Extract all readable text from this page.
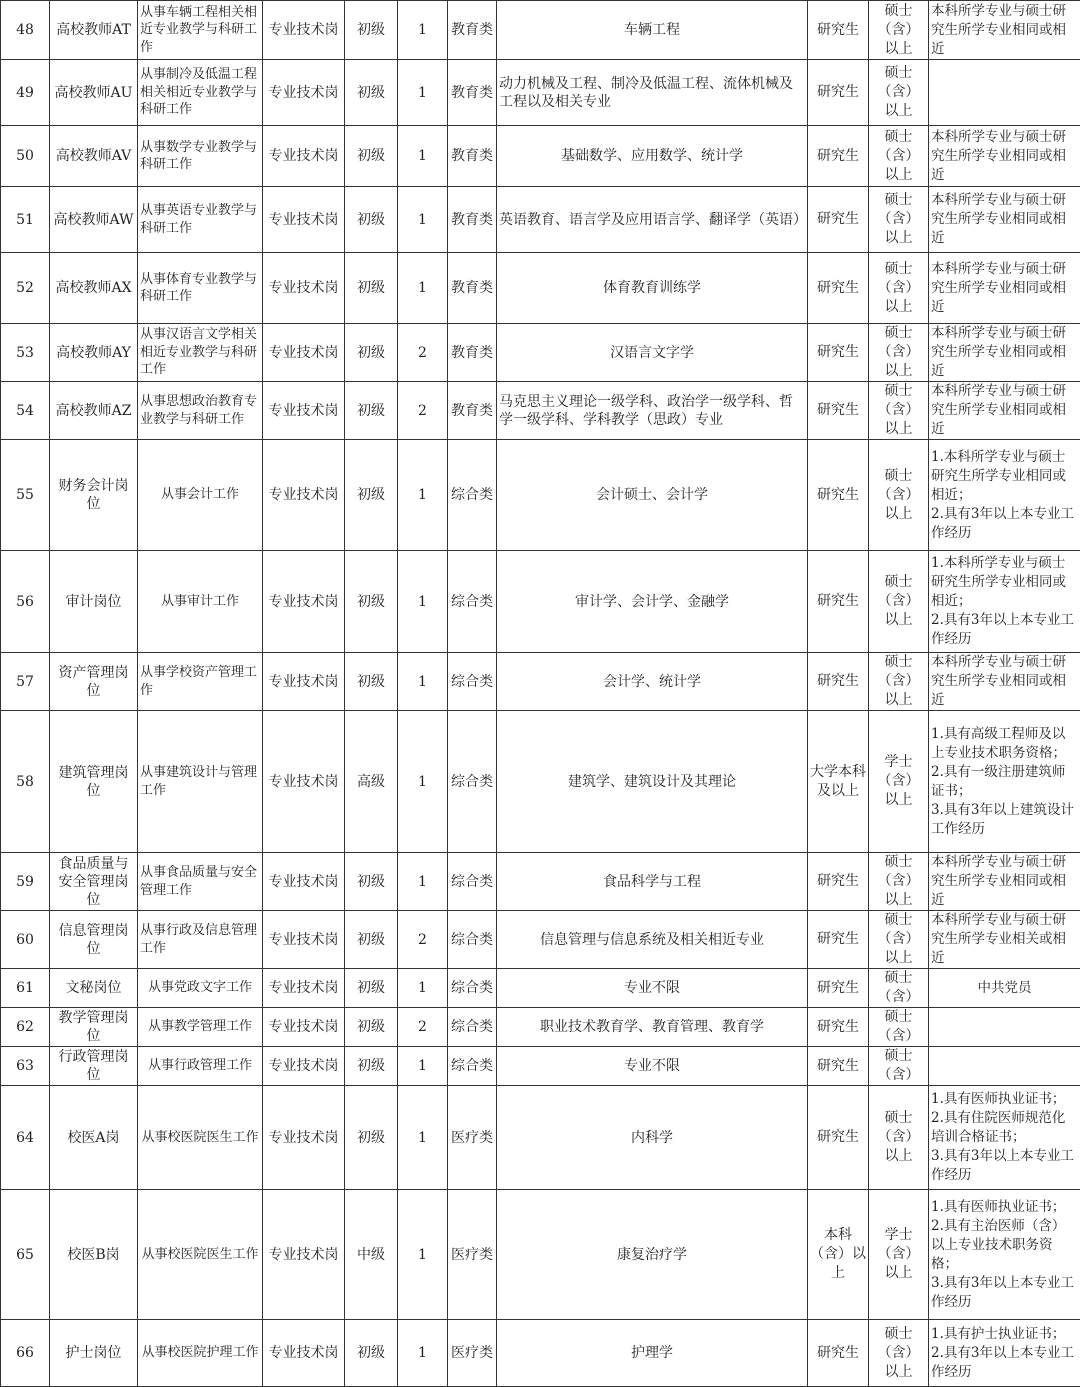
48	高校教师AT	从事车辆工程相关相近专业教学与科研工作	专业技术岗	初级	1	教育类	车辆工程	研究生	硕士（含）以上	本科所学专业与硕士研究生所学专业相同或相近
49	高校教师AU	从事制冷及低温工程相关相近专业教学与科研工作	专业技术岗	初级	1	教育类	动力机械及工程、制冷及低温工程、流体机械及工程以及相关专业	研究生	硕士（含）以上	
50	高校教师AV	从事数学专业教学与科研工作	专业技术岗	初级	1	教育类	基础数学、应用数学、统计学	研究生	硕士（含）以上	本科所学专业与硕士研究生所学专业相同或相近
51	高校教师AW	从事英语专业教学与科研工作	专业技术岗	初级	1	教育类	英语教育、语言学及应用语言学、翻译学（英语）	研究生	硕士（含）以上	本科所学专业与硕士研究生所学专业相同或相近
52	高校教师AX	从事体育专业教学与科研工作	专业技术岗	初级	1	教育类	体育教育训练学	研究生	硕士（含）以上	本科所学专业与硕士研究生所学专业相同或相近
53	高校教师AY	从事汉语言文学相关相近专业教学与科研工作	专业技术岗	初级	2	教育类	汉语言文字学	研究生	硕士（含）以上	本科所学专业与硕士研究生所学专业相同或相近
54	高校教师AZ	从事思想政治教育专业教学与科研工作	专业技术岗	初级	2	教育类	马克思主义理论一级学科、政治学一级学科、哲学一级学科、学科教学（思政）专业	研究生	硕士（含）以上	本科所学专业与硕士研究生所学专业相同或相近
55	财务会计岗位	从事会计工作	专业技术岗	初级	1	综合类	会计硕士、会计学	研究生	硕士（含）以上	1.本科所学专业与硕士研究生所学专业相同或相近；
2.具有3年以上本专业工作经历
56	审计岗位	从事审计工作	专业技术岗	初级	1	综合类	审计学、会计学、金融学	研究生	硕士（含）以上	1.本科所学专业与硕士研究生所学专业相同或相近；
2.具有3年以上本专业工作经历
57	资产管理岗位	从事学校资产管理工作	专业技术岗	初级	1	综合类	会计学、统计学	研究生	硕士（含）以上	本科所学专业与硕士研究生所学专业相同或相近
58	建筑管理岗位	从事建筑设计与管理工作	专业技术岗	高级	1	综合类	建筑学、建筑设计及其理论	大学本科及以上	学士（含）以上	1.具有高级工程师及以上专业技术职务资格；
2.具有一级注册建筑师证书；
3.具有3年以上建筑设计工作经历
59	食品质量与安全管理岗位	从事食品质量与安全管理工作	专业技术岗	初级	1	综合类	食品科学与工程	研究生	硕士（含）以上	本科所学专业与硕士研究生所学专业相同或相近
60	信息管理岗位	从事行政及信息管理工作	专业技术岗	初级	2	综合类	信息管理与信息系统及相关相近专业	研究生	硕士（含）以上	本科所学专业与硕士研究生所学专业相关或相近
61	文秘岗位	从事党政文字工作	专业技术岗	初级	1	综合类	专业不限	研究生	硕士（含）	中共党员
62	教学管理岗位	从事教学管理工作	专业技术岗	初级	2	综合类	职业技术教育学、教育管理、教育学	研究生	硕士（含）	
63	行政管理岗位	从事行政管理工作	专业技术岗	初级	1	综合类	专业不限	研究生	硕士（含）	
64	校医A岗	从事校医院医生工作	专业技术岗	初级	1	医疗类	内科学	研究生	硕士（含）以上	1.具有医师执业证书；
2.具有住院医师规范化培训合格证书；
3.具有3年以上本专业工作经历
65	校医B岗	从事校医院医生工作	专业技术岗	中级	1	医疗类	康复治疗学	本科（含）以上	学士（含）以上	1.具有医师执业证书；
2.具有主治医师（含）以上专业技术职务资格；
3.具有3年以上本专业工作经历
66	护士岗位	从事校医院护理工作	专业技术岗	初级	1	医疗类	护理学	研究生	硕士（含）以上	1.具有护士执业证书；
2.具有3年以上本专业工作经历
